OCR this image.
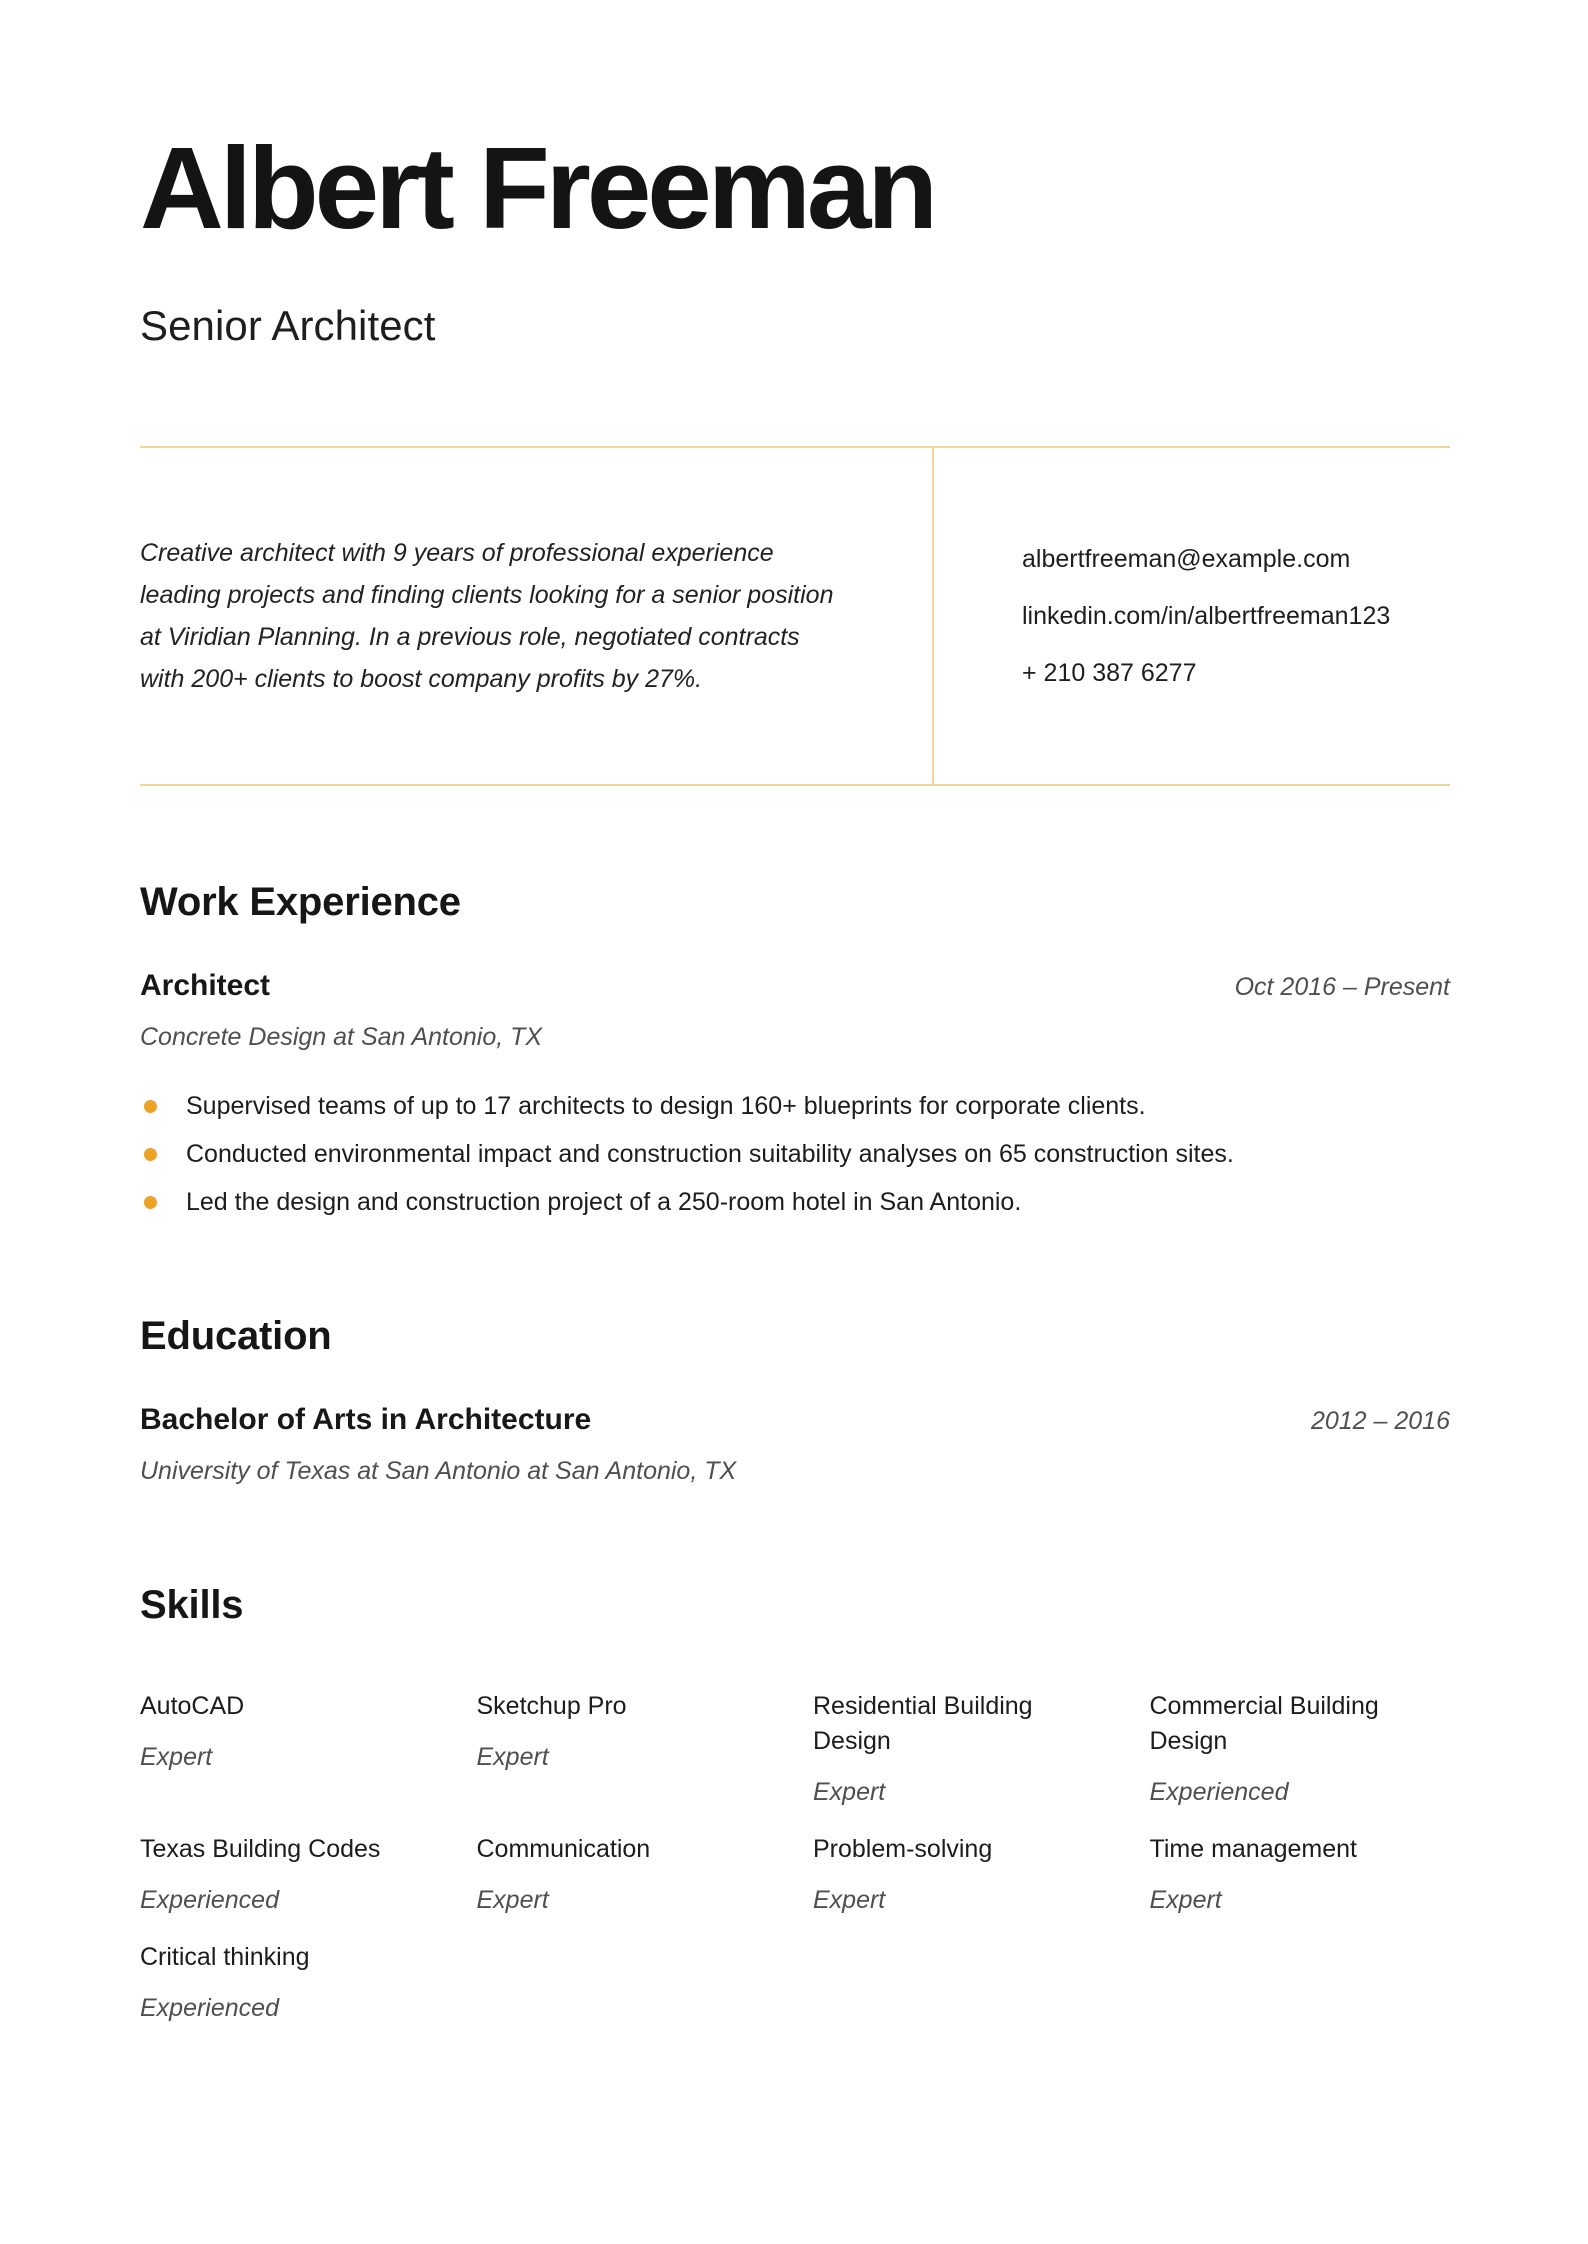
Albert Freeman
Senior Architect

Creative architect with 9 years of professional experience leading projects and finding clients looking for a senior position at Viridian Planning. In a previous role, negotiated contracts with 200+ clients to boost company profits by 27%.

albertfreeman@example.com
linkedin.com/in/albertfreeman123
+ 210 387 6277
Work Experience
Architect	Oct 2016 – Present
Concrete Design at San Antonio, TX
Supervised teams of up to 17 architects to design 160+ blueprints for corporate clients.
Conducted environmental impact and construction suitability analyses on 65 construction sites.
Led the design and construction project of a 250-room hotel in San Antonio.
Education
Bachelor of Arts in Architecture	2012 – 2016
University of Texas at San Antonio at San Antonio, TX
Skills
AutoCAD
Expert
Sketchup Pro
Expert
Residential Building Design
Expert
Commercial Building Design
Experienced
Texas Building Codes
Experienced
Communication
Expert
Problem-solving
Expert
Time management
Expert
Critical thinking
Experienced
